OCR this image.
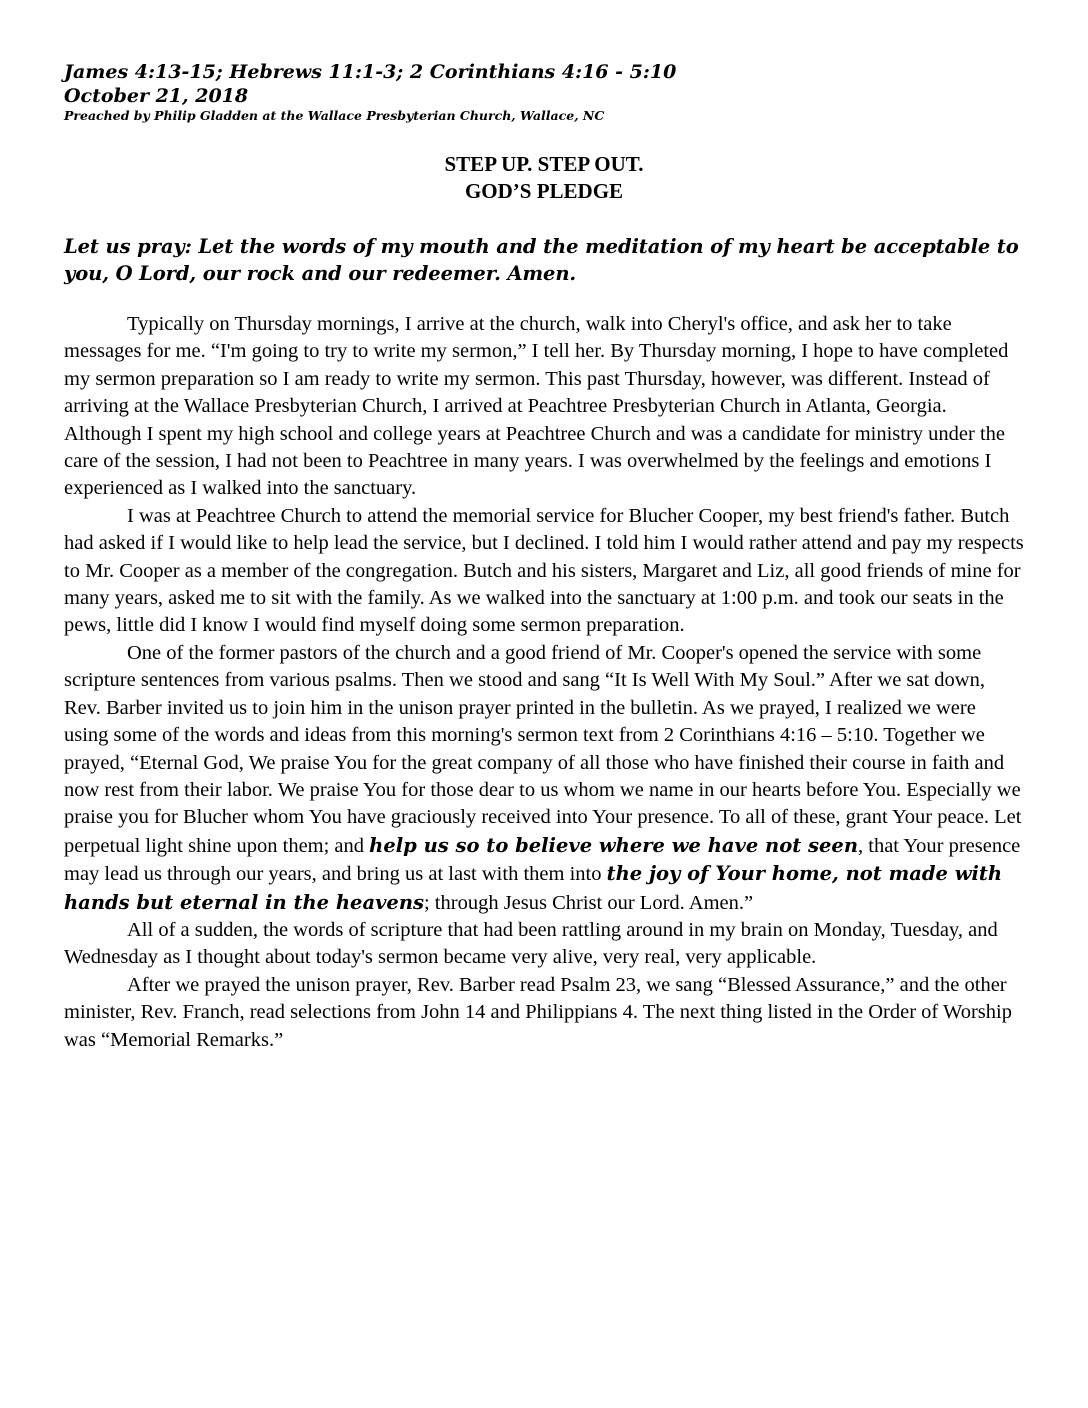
James 4:13-15; Hebrews 11:1-3; 2 Corinthians 4:16 - 5:10
October 21, 2018
Preached by Philip Gladden at the Wallace Presbyterian Church, Wallace, NC
STEP UP. STEP OUT.
GOD’S PLEDGE
Let us pray: Let the words of my mouth and the meditation of my heart be acceptable to you, O Lord, our rock and our redeemer. Amen.

Typically on Thursday mornings, I arrive at the church, walk into Cheryl's office, and ask her to take messages for me. “I'm going to try to write my sermon,” I tell her. By Thursday morning, I hope to have completed my sermon preparation so I am ready to write my sermon. This past Thursday, however, was different. Instead of arriving at the Wallace Presbyterian Church, I arrived at Peachtree Presbyterian Church in Atlanta, Georgia. Although I spent my high school and college years at Peachtree Church and was a candidate for ministry under the care of the session, I had not been to Peachtree in many years. I was overwhelmed by the feelings and emotions I experienced as I walked into the sanctuary.

I was at Peachtree Church to attend the memorial service for Blucher Cooper, my best friend's father. Butch had asked if I would like to help lead the service, but I declined. I told him I would rather attend and pay my respects to Mr. Cooper as a member of the congregation. Butch and his sisters, Margaret and Liz, all good friends of mine for many years, asked me to sit with the family. As we walked into the sanctuary at 1:00 p.m. and took our seats in the pews, little did I know I would find myself doing some sermon preparation.

One of the former pastors of the church and a good friend of Mr. Cooper's opened the service with some scripture sentences from various psalms. Then we stood and sang “It Is Well With My Soul.” After we sat down, Rev. Barber invited us to join him in the unison prayer printed in the bulletin. As we prayed, I realized we were using some of the words and ideas from this morning's sermon text from 2 Corinthians 4:16 – 5:10. Together we prayed, “Eternal God, We praise You for the great company of all those who have finished their course in faith and now rest from their labor. We praise You for those dear to us whom we name in our hearts before You. Especially we praise you for Blucher whom You have graciously received into Your presence. To all of these, grant Your peace. Let perpetual light shine upon them; and help us so to believe where we have not seen, that Your presence may lead us through our years, and bring us at last with them into the joy of Your home, not made with hands but eternal in the heavens; through Jesus Christ our Lord. Amen.”

All of a sudden, the words of scripture that had been rattling around in my brain on Monday, Tuesday, and Wednesday as I thought about today's sermon became very alive, very real, very applicable.

After we prayed the unison prayer, Rev. Barber read Psalm 23, we sang “Blessed Assurance,” and the other minister, Rev. Franch, read selections from John 14 and Philippians 4. The next thing listed in the Order of Worship was “Memorial Remarks.”
